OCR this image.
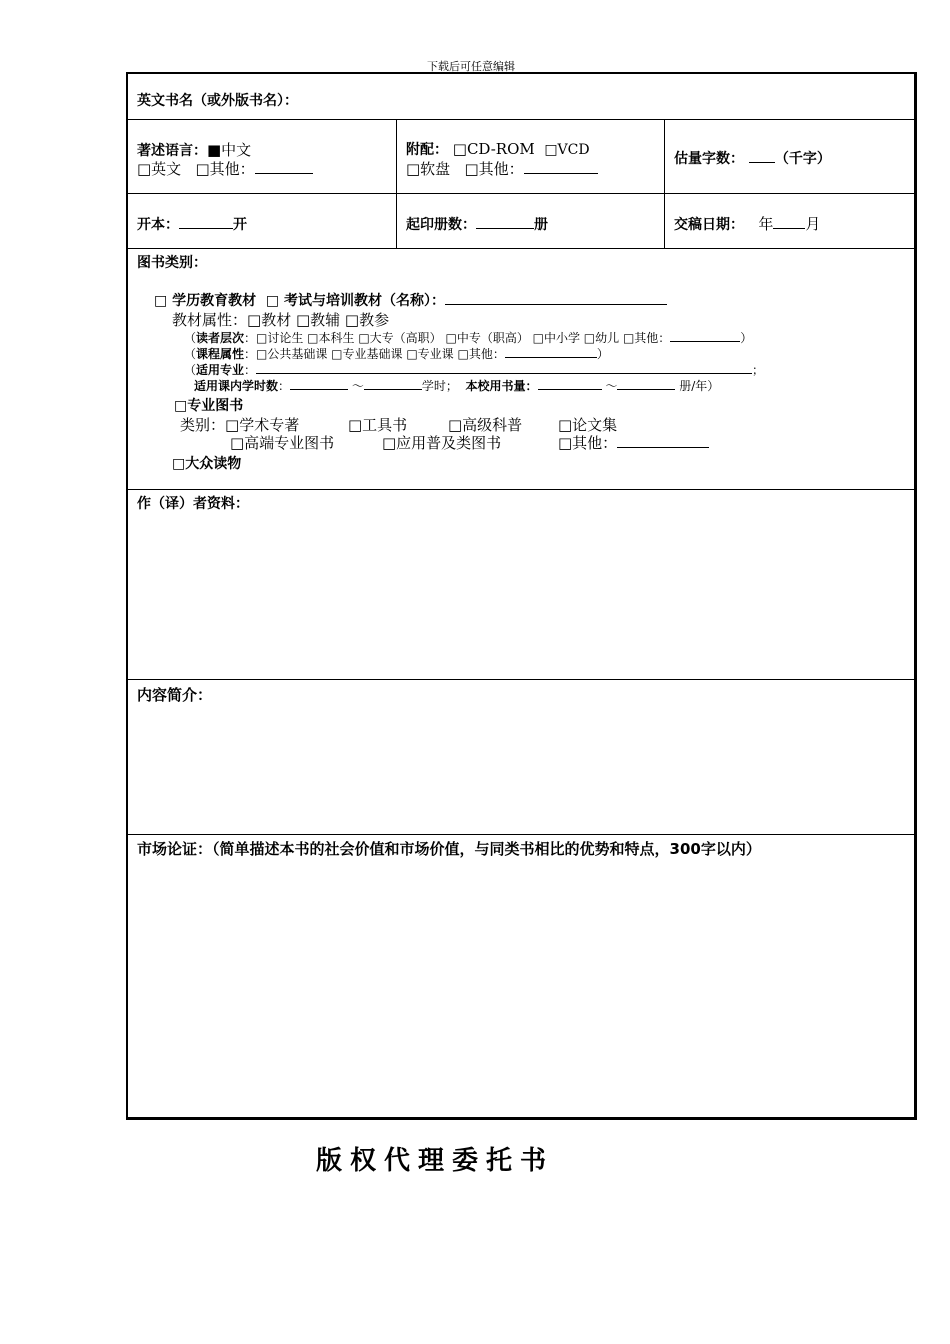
下载后可任意编辑
英文书名（或外版书名）：
著述语言：■中文
□英文 □其他：
附配： □CD-ROM □VCD
□软盘 □其他：
估量字数： （千字）
开本：	开	起印册数：	册	交稿日期： 年 月
图书类别：
□ 学历教育教材 □ 考试与培训教材（名称）：
教材属性：□教材 □教辅 □教参
（读者层次：□讨论生 □本科生 □大专（高职） □中专（职高） □中小学 □幼儿 □其他：	）
（课程属性：□公共基础课 □专业基础课 □专业课 □其他：	）
（适用专业：	；
适用课内学时数：	～	学时； 本校用书量：	～	册/年）
□专业图书
类别：□学术专著	□工具书	□高级科普 □论文集
□高端专业图书	□应用普及类图书	□其他：
□大众读物
作（译）者资料：
内容简介：
市场论证：（简单描述本书的社会价值和市场价值，与同类书相比的优势和特点，300字以内）
版权代理委托书
